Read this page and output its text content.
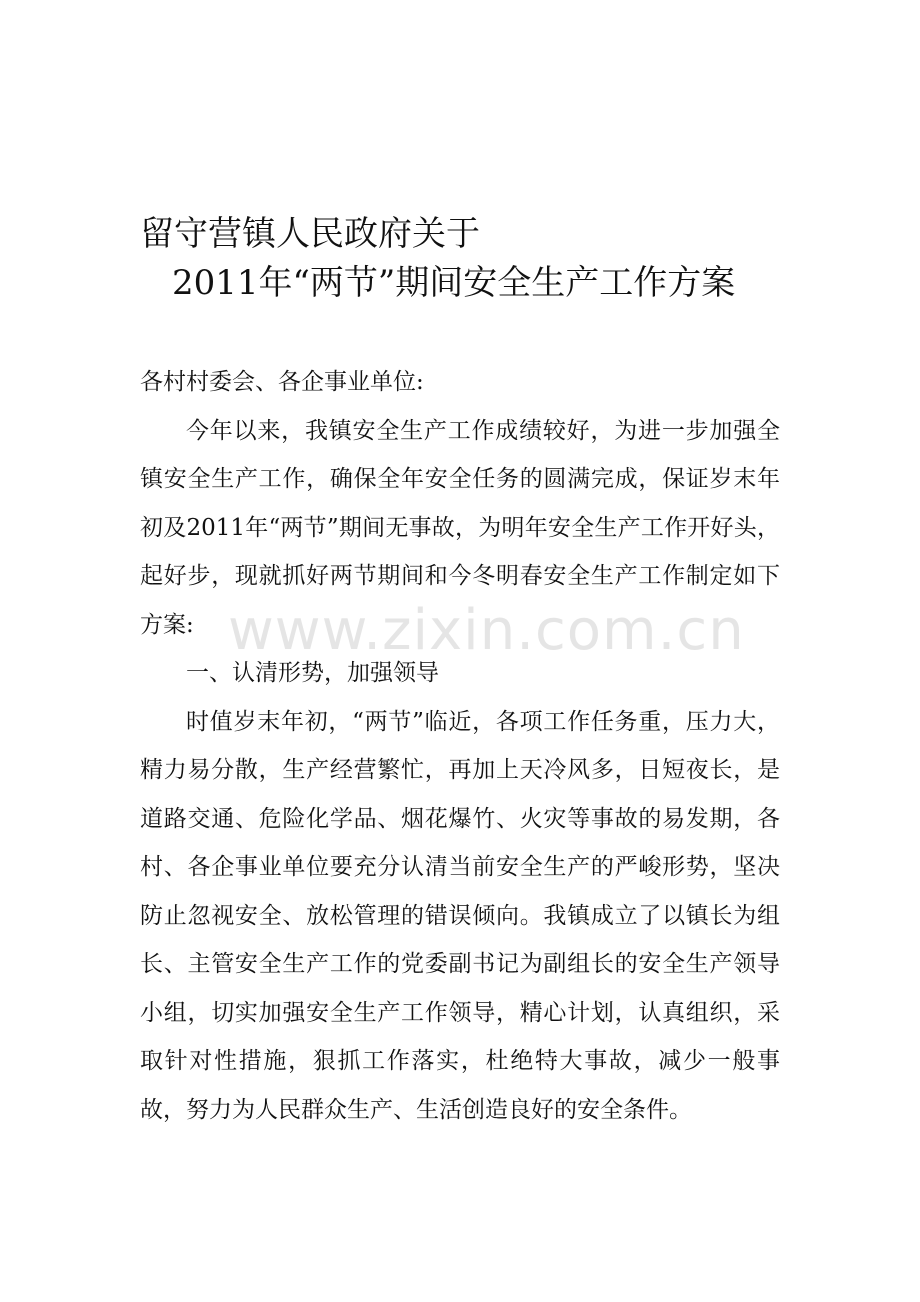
留守营镇人民政府关于
2011年“两节”期间安全生产工作方案

各村村委会、各企事业单位:

今年以来，我镇安全生产工作成绩较好，为进一步加强全镇安全生产工作，确保全年安全任务的圆满完成，保证岁末年初及2011年“两节”期间无事故，为明年安全生产工作开好头，起好步，现就抓好两节期间和今冬明春安全生产工作制定如下方案:

一、认清形势，加强领导

时值岁末年初，“两节”临近，各项工作任务重，压力大，精力易分散，生产经营繁忙，再加上天冷风多，日短夜长，是道路交通、危险化学品、烟花爆竹、火灾等事故的易发期，各村、各企事业单位要充分认清当前安全生产的严峻形势，坚决防止忽视安全、放松管理的错误倾向。我镇成立了以镇长为组长、主管安全生产工作的党委副书记为副组长的安全生产领导小组，切实加强安全生产工作领导，精心计划，认真组织，采取针对性措施，狠抓工作落实，杜绝特大事故，减少一般事故，努力为人民群众生产、生活创造良好的安全条件。

www.zixin.com.cn
